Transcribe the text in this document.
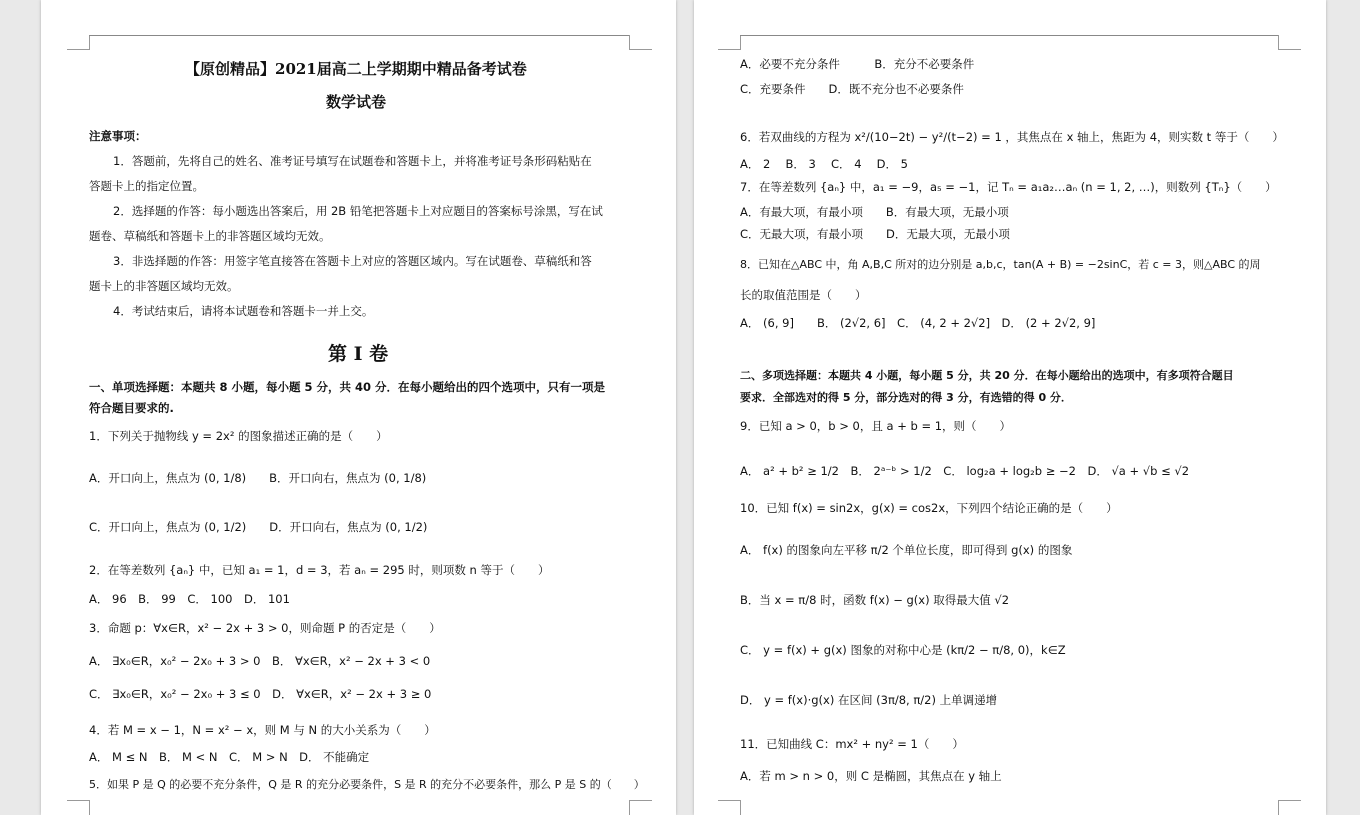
【原创精品】2021届高二上学期期中精品备考试卷
数学试卷
注意事项：
1．答题前，先将自己的姓名、准考证号填写在试题卷和答题卡上，并将准考证号条形码粘贴在
答题卡上的指定位置。
2．选择题的作答：每小题选出答案后，用 2B 铅笔把答题卡上对应题目的答案标号涂黑，写在试
题卷、草稿纸和答题卡上的非答题区域均无效。
3．非选择题的作答：用签字笔直接答在答题卡上对应的答题区域内。写在试题卷、草稿纸和答
题卡上的非答题区域均无效。
4．考试结束后，请将本试题卷和答题卡一并上交。
第 I 卷
一、单项选择题：本题共 8 小题，每小题 5 分，共 40 分．在每小题给出的四个选项中，只有一项是
符合题目要求的.
1．下列关于抛物线 y = 2x² 的图象描述正确的是（　　）
A．开口向上，焦点为 (0, 1/8)　　B．开口向右，焦点为 (0, 1/8)
C．开口向上，焦点为 (0, 1/2)　　D．开口向右，焦点为 (0, 1/2)
2．在等差数列 {aₙ} 中，已知 a₁ = 1，d = 3，若 aₙ = 295 时，则项数 n 等于（　　）
A． 96　B． 99　C． 100　D． 101
3．命题 p：∀x∈R，x² − 2x + 3 > 0，则命题 P 的否定是（　　）
A． ∃x₀∈R，x₀² − 2x₀ + 3 > 0　B． ∀x∈R，x² − 2x + 3 < 0
C． ∃x₀∈R，x₀² − 2x₀ + 3 ≤ 0　D． ∀x∈R，x² − 2x + 3 ≥ 0
4．若 M = x − 1，N = x² − x，则 M 与 N 的大小关系为（　　）
A． M ≤ N　B． M < N　C． M > N　D． 不能确定
5．如果 P 是 Q 的必要不充分条件，Q 是 R 的充分必要条件，S 是 R 的充分不必要条件，那么 P 是 S 的（　　）
A．必要不充分条件　　　B．充分不必要条件
C．充要条件　　D．既不充分也不必要条件
6．若双曲线的方程为 x²/(10−2t) − y²/(t−2) = 1 ，其焦点在 x 轴上，焦距为 4，则实数 t 等于（　　）
A． 2　 B． 3　 C． 4　 D． 5
7．在等差数列 {aₙ} 中，a₁ = −9，a₅ = −1，记 Tₙ = a₁a₂…aₙ (n = 1, 2, …)，则数列 {Tₙ}（　　）
A．有最大项，有最小项　　B．有最大项，无最小项
C．无最大项，有最小项　　D．无最大项，无最小项
8．已知在△ABC 中，角 A,B,C 所对的边分别是 a,b,c，tan(A + B) = −2sinC，若 c = 3，则△ABC 的周
长的取值范围是（　　）
A． (6, 9]　　B． (2√2, 6]　C． (4, 2 + 2√2]　D． (2 + 2√2, 9]
二、多项选择题：本题共 4 小题，每小题 5 分，共 20 分．在每小题给出的选项中，有多项符合题目
要求．全部选对的得 5 分，部分选对的得 3 分，有选错的得 0 分．
9．已知 a > 0，b > 0，且 a + b = 1，则（　　）
A． a² + b² ≥ 1/2　B． 2ᵃ⁻ᵇ > 1/2　C． log₂a + log₂b ≥ −2　D． √a + √b ≤ √2
10．已知 f(x) = sin2x，g(x) = cos2x，下列四个结论正确的是（　　）
A． f(x) 的图象向左平移 π/2 个单位长度，即可得到 g(x) 的图象
B．当 x = π/8 时，函数 f(x) − g(x) 取得最大值 √2
C． y = f(x) + g(x) 图象的对称中心是 (kπ/2 − π/8, 0)，k∈Z
D． y = f(x)·g(x) 在区间 (3π/8, π/2) 上单调递增
11．已知曲线 C：mx² + ny² = 1（　　）
A．若 m > n > 0，则 C 是椭圆，其焦点在 y 轴上
